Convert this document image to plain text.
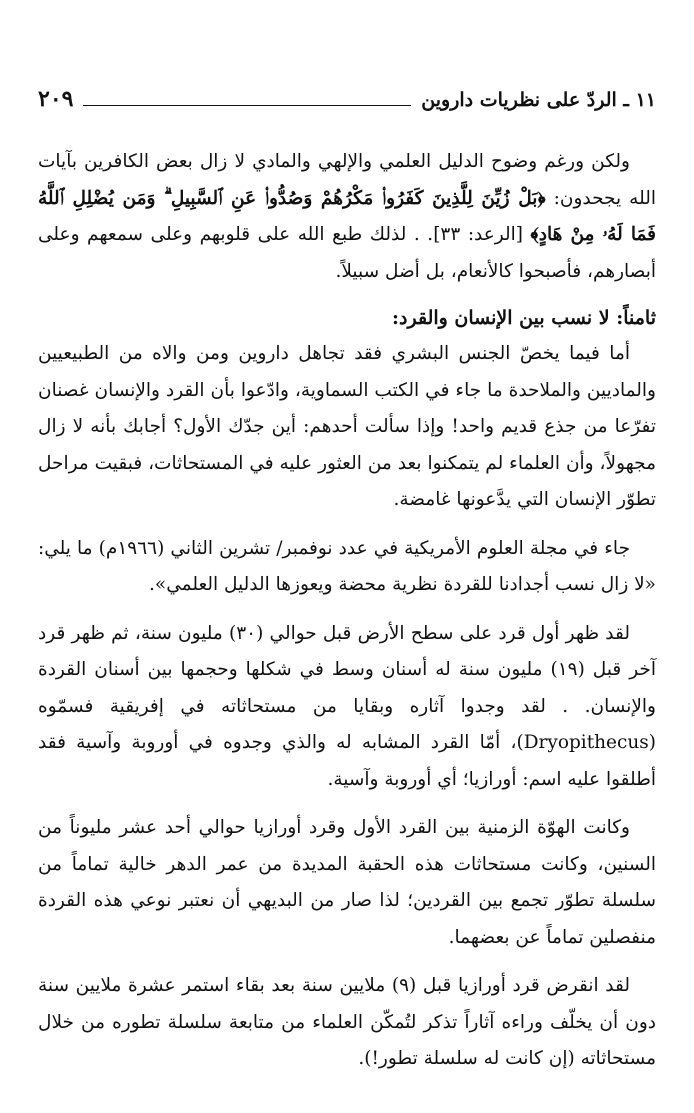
١١ ـ الردّ على نظريات داروين
٢٠٩

ولكن ورغم وضوح الدليل العلمي والإلهي والمادي لا زال بعض الكافرين بآيات الله يجحدون: ﴿بَلْ زُيِّنَ لِلَّذِينَ كَفَرُوا۟ مَكْرُهُمْ وَصُدُّوا۟ عَنِ ٱلسَّبِيلِ ۗ وَمَن يُضْلِلِ ٱللَّهُ فَمَا لَهُۥ مِنْ هَادٍ﴾ [الرعد: ٣٣]. . لذلك طبع الله على قلوبهم وعلى سمعهم وعلى أبصارهم، فأصبحوا كالأنعام، بل أضل سبيلاً.

ثامناً: لا نسب بين الإنسان والقرد:

أما فيما يخصّ الجنس البشري فقد تجاهل داروين ومن والاه من الطبيعيين والماديين والملاحدة ما جاء في الكتب السماوية، وادّعوا بأن القرد والإنسان غصنان تفرّعا من جذع قديم واحد! وإذا سألت أحدهم: أين جدّك الأول؟ أجابك بأنه لا زال مجهولاً، وأن العلماء لم يتمكنوا بعد من العثور عليه في المستحاثات، فبقيت مراحل تطوّر الإنسان التي يدَّعونها غامضة.

جاء في مجلة العلوم الأمريكية في عدد نوفمبر/ تشرين الثاني (١٩٦٦م) ما يلي: «لا زال نسب أجدادنا للقردة نظرية محضة ويعوزها الدليل العلمي».

لقد ظهر أول قرد على سطح الأرض قبل حوالي (٣٠) مليون سنة، ثم ظهر قرد آخر قبل (١٩) مليون سنة له أسنان وسط في شكلها وحجمها بين أسنان القردة والإنسان. . لقد وجدوا آثاره وبقايا من مستحاثاته في إفريقية فسمّوه (Dryopithecus)، أمّا القرد المشابه له والذي وجدوه في أوروبة وآسية فقد أطلقوا عليه اسم: أورازيا؛ أي أوروبة وآسية.

وكانت الهوّة الزمنية بين القرد الأول وقرد أورازيا حوالي أحد عشر مليوناً من السنين، وكانت مستحاثات هذه الحقبة المديدة من عمر الدهر خالية تماماً من سلسلة تطوّر تجمع بين القردين؛ لذا صار من البديهي أن نعتبر نوعي هذه القردة منفصلين تماماً عن بعضهما.

لقد انقرض قرد أورازيا قبل (٩) ملايين سنة بعد بقاء استمر عشرة ملايين سنة دون أن يخلّف وراءه آثاراً تذكر لتُمكّن العلماء من متابعة سلسلة تطوره من خلال مستحاثاته (إن كانت له سلسلة تطور!).
